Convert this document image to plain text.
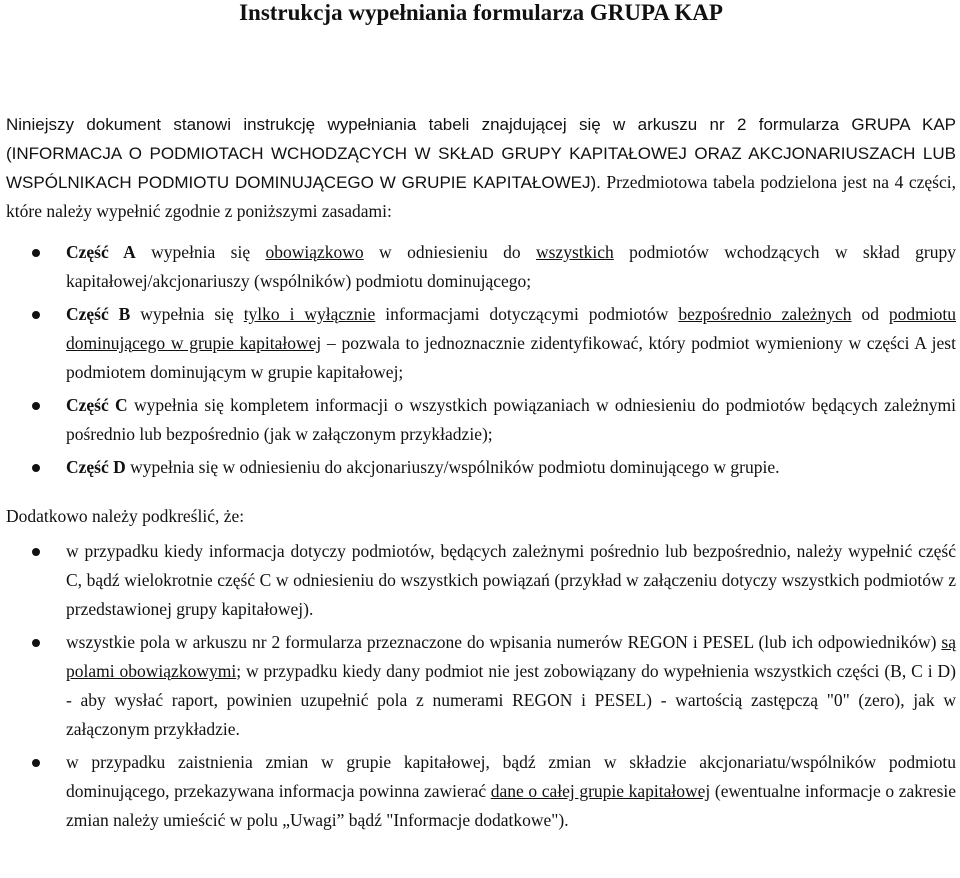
Instrukcja wypełniania formularza GRUPA KAP

Niniejszy dokument stanowi instrukcję wypełniania tabeli znajdującej się w arkuszu nr 2 formularza GRUPA KAP (INFORMACJA O PODMIOTACH WCHODZĄCYCH W SKŁAD GRUPY KAPITAŁOWEJ ORAZ AKCJONARIUSZACH LUB WSPÓLNIKACH PODMIOTU DOMINUJĄCEGO W GRUPIE KAPITAŁOWEJ). Przedmiotowa tabela podzielona jest na 4 części, które należy wypełnić zgodnie z poniższymi zasadami:

Część A wypełnia się obowiązkowo w odniesieniu do wszystkich podmiotów wchodzących w skład grupy kapitałowej/akcjonariuszy (wspólników) podmiotu dominującego;
Część B wypełnia się tylko i wyłącznie informacjami dotyczącymi podmiotów bezpośrednio zależnych od podmiotu dominującego w grupie kapitałowej – pozwala to jednoznacznie zidentyfikować, który podmiot wymieniony w części A jest podmiotem dominującym w grupie kapitałowej;
Część C wypełnia się kompletem informacji o wszystkich powiązaniach w odniesieniu do podmiotów będących zależnymi pośrednio lub bezpośrednio (jak w załączonym przykładzie);
Część D wypełnia się w odniesieniu do akcjonariuszy/wspólników podmiotu dominującego w grupie.

Dodatkowo należy podkreślić, że:

w przypadku kiedy informacja dotyczy podmiotów, będących zależnymi pośrednio lub bezpośrednio, należy wypełnić część C, bądź wielokrotnie część C w odniesieniu do wszystkich powiązań (przykład w załączeniu dotyczy wszystkich podmiotów z przedstawionej grupy kapitałowej).
wszystkie pola w arkuszu nr 2 formularza przeznaczone do wpisania numerów REGON i PESEL (lub ich odpowiedników) są polami obowiązkowymi; w przypadku kiedy dany podmiot nie jest zobowiązany do wypełnienia wszystkich części (B, C i D) - aby wysłać raport, powinien uzupełnić pola z numerami REGON i PESEL) - wartością zastępczą "0" (zero), jak w załączonym przykładzie.
w przypadku zaistnienia zmian w grupie kapitałowej, bądź zmian w składzie akcjonariatu/wspólników podmiotu dominującego, przekazywana informacja powinna zawierać dane o całej grupie kapitałowej (ewentualne informacje o zakresie zmian należy umieścić w polu „Uwagi” bądź "Informacje dodatkowe").
